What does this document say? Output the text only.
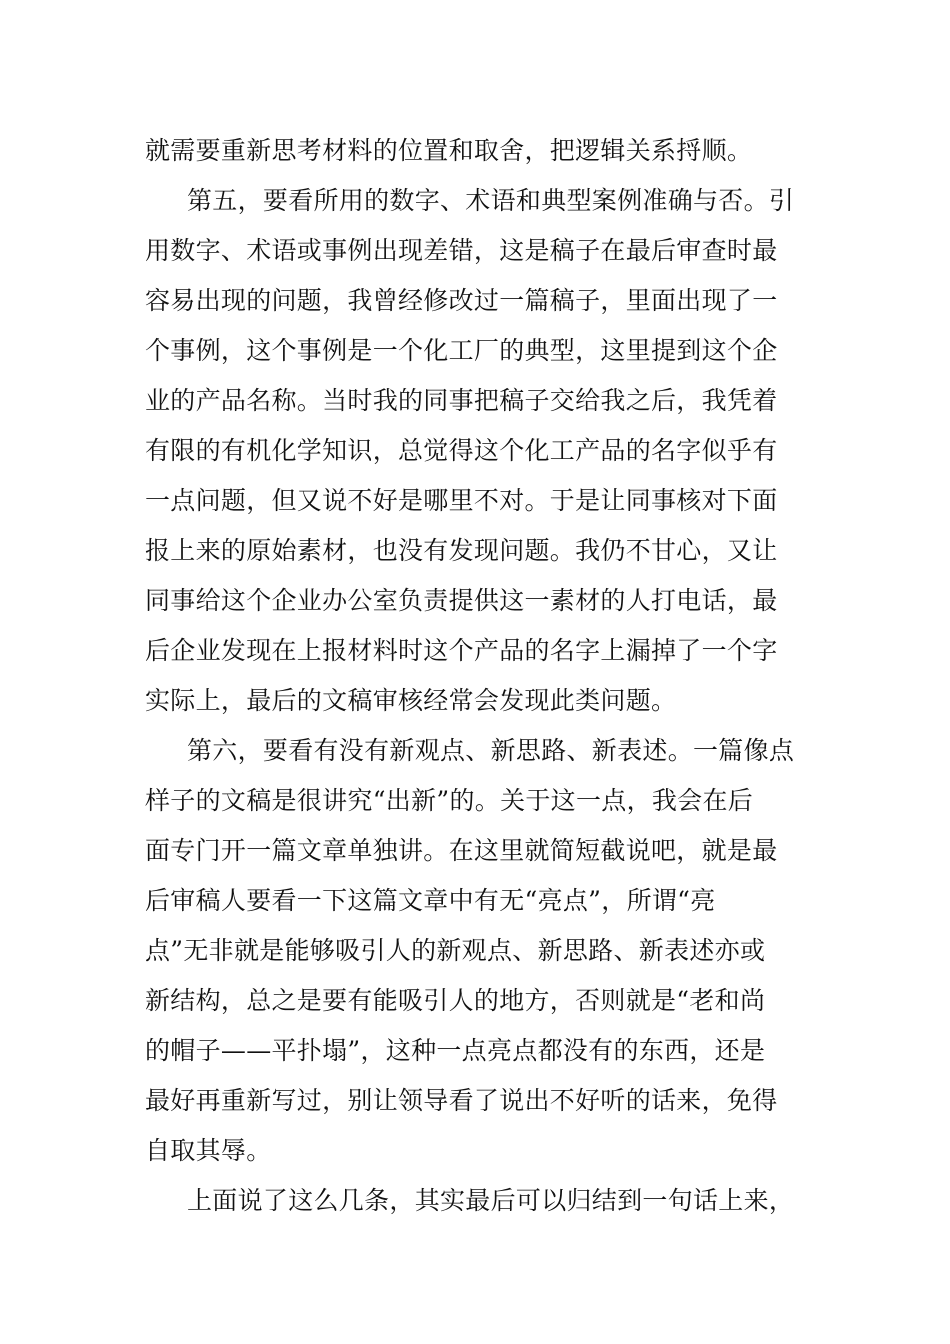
就需要重新思考材料的位置和取舍，把逻辑关系捋顺。
第五，要看所用的数字、术语和典型案例准确与否。引
用数字、术语或事例出现差错，这是稿子在最后审查时最
容易出现的问题，我曾经修改过一篇稿子，里面出现了一
个事例，这个事例是一个化工厂的典型，这里提到这个企
业的产品名称。当时我的同事把稿子交给我之后，我凭着
有限的有机化学知识，总觉得这个化工产品的名字似乎有
一点问题，但又说不好是哪里不对。于是让同事核对下面
报上来的原始素材，也没有发现问题。我仍不甘心，又让
同事给这个企业办公室负责提供这一素材的人打电话，最
后企业发现在上报材料时这个产品的名字上漏掉了一个字
实际上，最后的文稿审核经常会发现此类问题。
第六，要看有没有新观点、新思路、新表述。一篇像点
样子的文稿是很讲究“出新”的。关于这一点，我会在后
面专门开一篇文章单独讲。在这里就简短截说吧，就是最
后审稿人要看一下这篇文章中有无“亮点”，所谓“亮
点”无非就是能够吸引人的新观点、新思路、新表述亦或
新结构，总之是要有能吸引人的地方，否则就是“老和尚
的帽子——平扑塌”，这种一点亮点都没有的东西，还是
最好再重新写过，别让领导看了说出不好听的话来，免得
自取其辱。
上面说了这么几条，其实最后可以归结到一句话上来，
